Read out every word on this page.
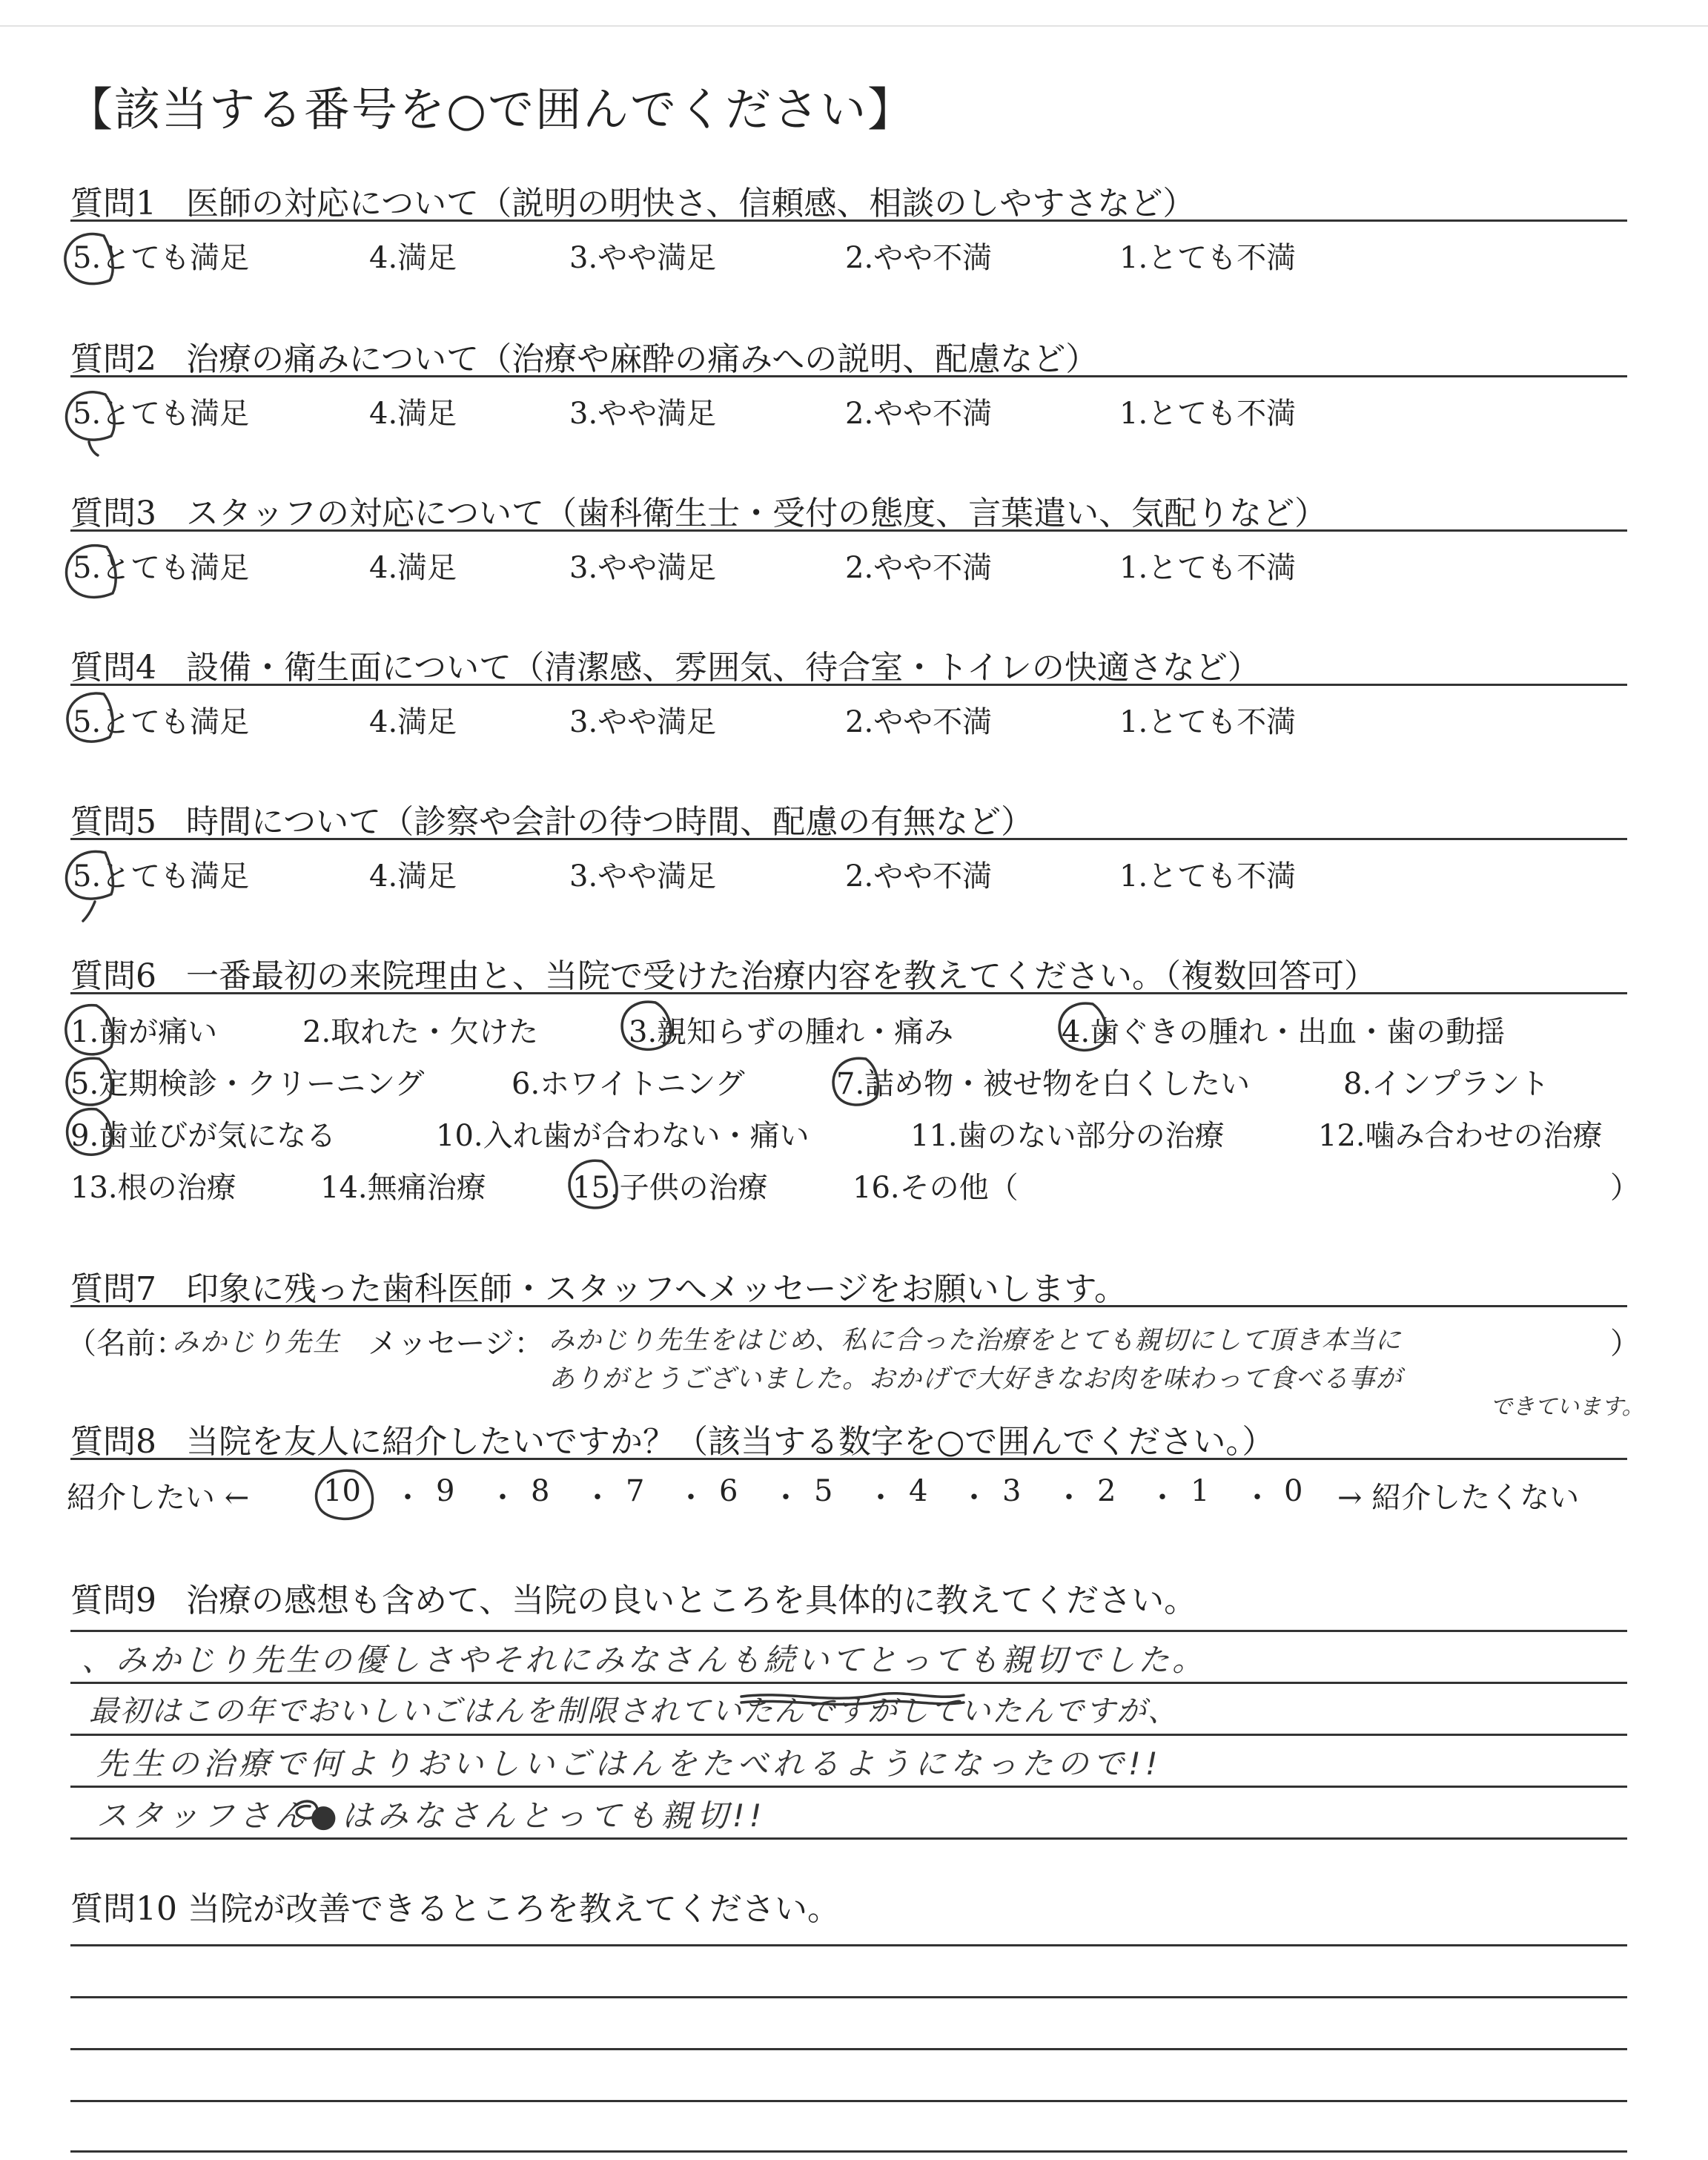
【該当する番号を○で囲んでください】
質問1 医師の対応について（説明の明快さ、信頼感、相談のしやすさなど）
5.とても満足	4.満足	3.やや満足	2.やや不満	1.とても不満
質問2 治療の痛みについて（治療や麻酔の痛みへの説明、配慮など）
5.とても満足	4.満足	3.やや満足	2.やや不満	1.とても不満
質問3 スタッフの対応について（歯科衛生士・受付の態度、言葉遣い、気配りなど）
5.とても満足	4.満足	3.やや満足	2.やや不満	1.とても不満
質問4 設備・衛生面について（清潔感、雰囲気、待合室・トイレの快適さなど）
5.とても満足	4.満足	3.やや満足	2.やや不満	1.とても不満
質問5 時間について（診察や会計の待つ時間、配慮の有無など）
5.とても満足	4.満足	3.やや満足	2.やや不満	1.とても不満
質問6 一番最初の来院理由と、当院で受けた治療内容を教えてください。（複数回答可）
1.歯が痛い	2.取れた・欠けた	3.親知らずの腫れ・痛み	4.歯ぐきの腫れ・出血・歯の動揺
5.定期検診・クリーニング	6.ホワイトニング	7.詰め物・被せ物を白くしたい	8.インプラント
9.歯並びが気になる	10.入れ歯が合わない・痛い	11.歯のない部分の治療	12.噛み合わせの治療
13.根の治療	14.無痛治療	15.子供の治療	16.その他（	）
質問7 印象に残った歯科医師・スタッフへメッセージをお願いします。
（名前：
みかじり先生 メッセージ： みかじり先生をはじめ、私に合った治療をとても親切にして頂き本当に	）
ありがとうございました。おかげで大好きなお肉を味わって食べる事が
できています。
質問8 当院を友人に紹介したいですか？（該当する数字を○で囲んでください。）
紹介したい ← 10	9	8	7	6	5	4	3	2	1	0
・ ・ ・ ・ ・ ・ ・ ・ ・ ・ → 紹介したくない
質問9 治療の感想も含めて、当院の良いところを具体的に教えてください。
、みかじり先生の優しさやそれにみなさんも続いてとっても親切でした。
最初はこの年でおいしいごはんを制限されていたんですがしていたんですが、
先生の治療で何よりおいしいごはんをたべれるようになったので!!
スタッフさん●はみなさんとっても親切!!
質問10 当院が改善できるところを教えてください。
